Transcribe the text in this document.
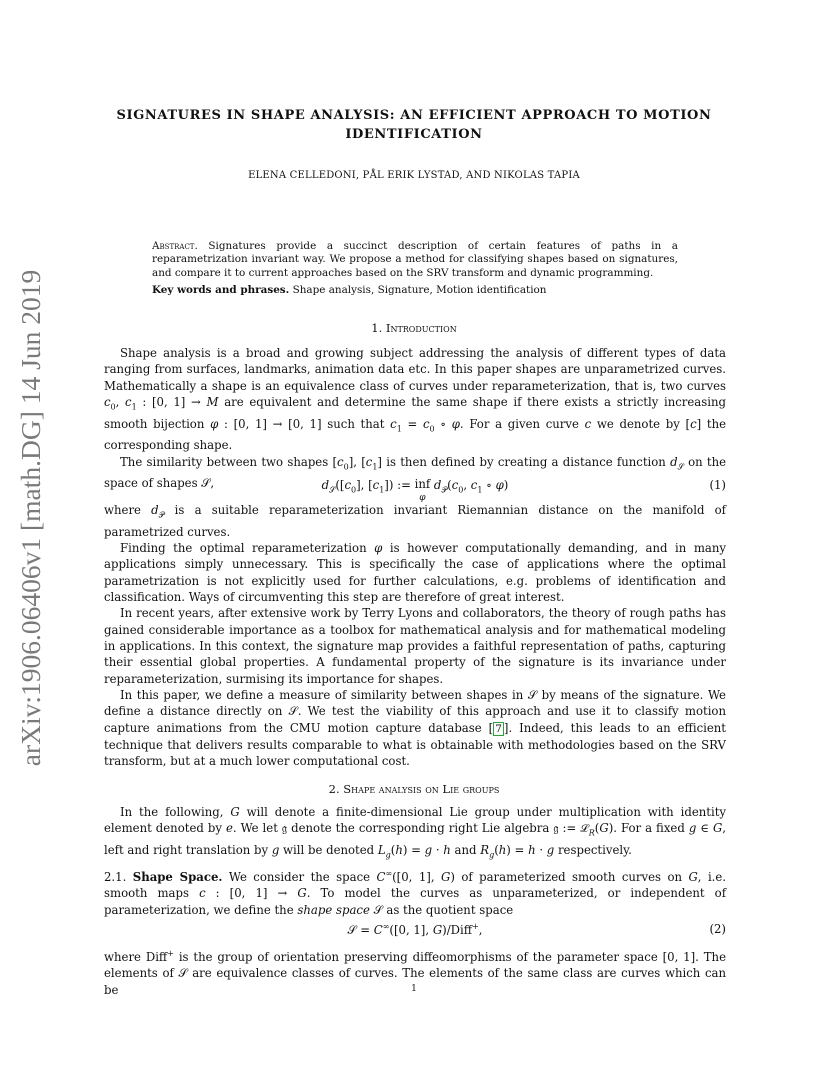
arXiv:1906.06406v1 [math.DG] 14 Jun 2019
SIGNATURES IN SHAPE ANALYSIS: AN EFFICIENT APPROACH TO MOTION
IDENTIFICATION
ELENA CELLEDONI, PÅL ERIK LYSTAD, AND NIKOLAS TAPIA

Abstract. Signatures provide a succinct description of certain features of paths in a reparametrization invariant way. We propose a method for classifying shapes based on signatures, and compare it to current approaches based on the SRV transform and dynamic programming.

Key words and phrases. Shape analysis, Signature, Motion identification

1. Introduction

Shape analysis is a broad and growing subject addressing the analysis of different types of data ranging from surfaces, landmarks, animation data etc. In this paper shapes are unparametrized curves. Mathematically a shape is an equivalence class of curves under reparameterization, that is, two curves $c_0$, $c_1$ : [0, 1] → M are equivalent and determine the same shape if there exists a strictly increasing smooth bijection φ : [0, 1] → [0, 1] such that $c_1 = c_0$ ∘ φ. For a given curve c we denote by [c] the corresponding shape.

The similarity between two shapes $[c_0]$, $[c_1]$ is then defined by creating a distance function $d_𝒮$ on the space of shapes 𝒮,	$d_𝒮([c_0]$, $[c_1]$) := inf
φ $d_𝒫(c_0$, $c_1$ ∘ φ)	(1)

where $d_𝒫$ is a suitable reparameterization invariant Riemannian distance on the manifold of parametrized curves.

Finding the optimal reparameterization φ is however computationally demanding, and in many applications simply unnecessary. This is specifically the case of applications where the optimal parametrization is not explicitly used for further calculations, e.g. problems of identification and classification. Ways of circumventing this step are therefore of great interest.

In recent years, after extensive work by Terry Lyons and collaborators, the theory of rough paths has gained considerable importance as a toolbox for mathematical analysis and for mathematical modeling in applications. In this context, the signature map provides a faithful representation of paths, capturing their essential global properties. A fundamental property of the signature is its invariance under reparameterization, surmising its importance for shapes.

In this paper, we define a measure of similarity between shapes in 𝒮 by means of the signature. We define a distance directly on 𝒮. We test the viability of this approach and use it to classify motion capture animations from the CMU motion capture database [ 7 ]. Indeed, this leads to an efficient technique that delivers results comparable to what is obtainable with methodologies based on the SRV transform, but at a much lower computational cost.

2. Shape analysis on Lie groups

In the following, G will denote a finite-dimensional Lie group under multiplication with identity element denoted by e. We let 𝔤 denote the corresponding right Lie algebra 𝔤 := ℒ$_R$(G). For a fixed g ∈ G, left and right translation by g will be denoted $L_g(h) = g \cdot h$ and $R_g(h) = h \cdot g$ respectively.

2.1. Shape Space. We consider the space C∞([0, 1], G) of parameterized smooth curves on G, i.e. smooth maps c : [0, 1] → G. To model the curves as unparameterized, or independent of parameterization, we define the shape space 𝒮 as the quotient space

𝒮 = C∞([0, 1], G)/Diff+,	(2)

where Diff+ is the group of orientation preserving diffeomorphisms of the parameter space [0, 1]. The elements of 𝒮 are equivalence classes of curves. The elements of the same class are curves which can be	1
